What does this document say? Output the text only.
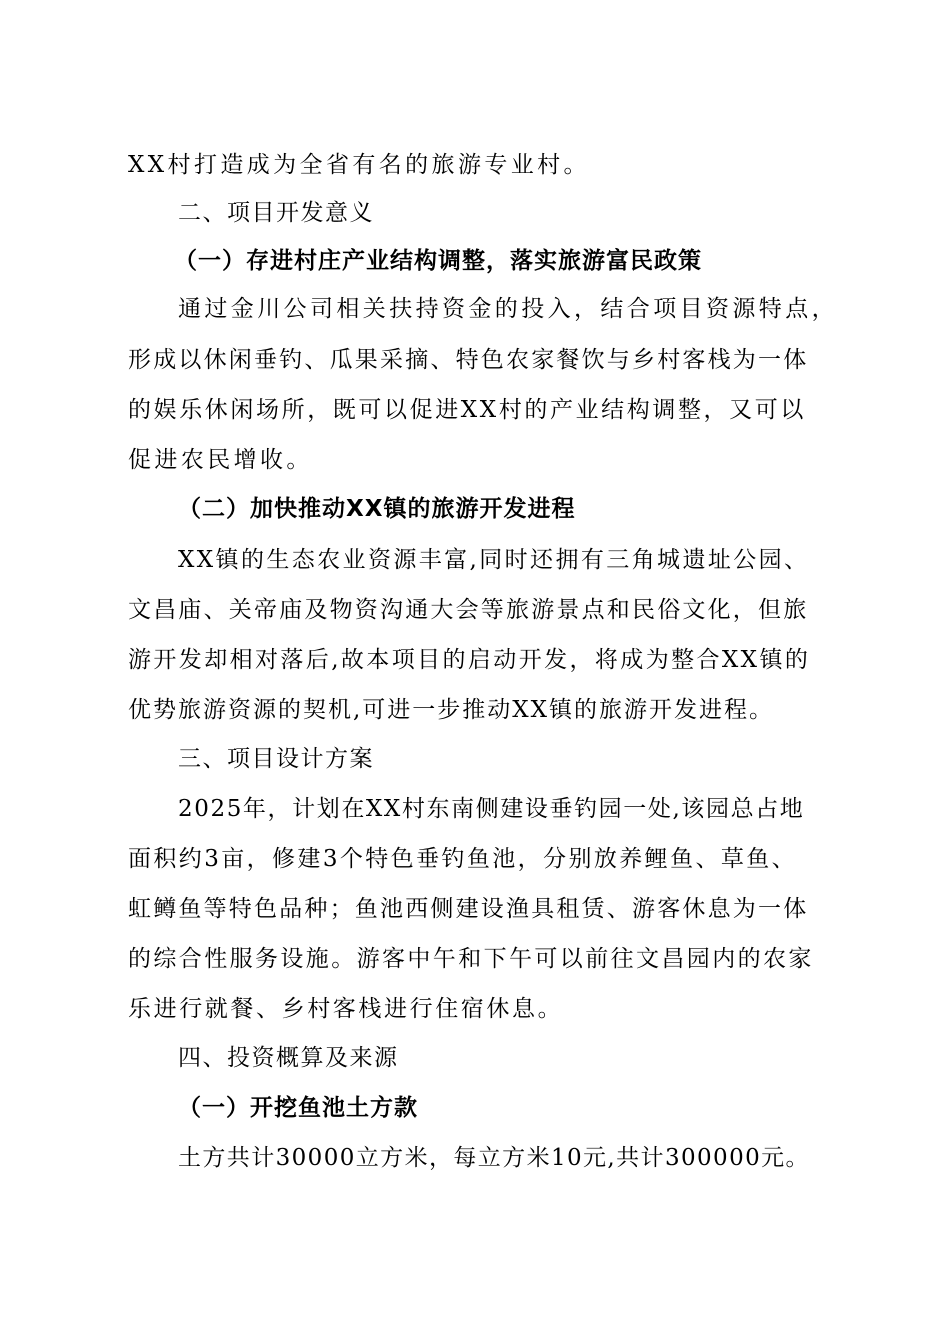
XX村打造成为全省有名的旅游专业村。
二、项目开发意义
（一）存进村庄产业结构调整，落实旅游富民政策
通过金川公司相关扶持资金的投入，结合项目资源特点，
形成以休闲垂钓、瓜果采摘、特色农家餐饮与乡村客栈为一体
的娱乐休闲场所，既可以促进XX村的产业结构调整，又可以
促进农民增收。
（二）加快推动XX镇的旅游开发进程
XX镇的生态农业资源丰富,同时还拥有三角城遗址公园、
文昌庙、关帝庙及物资沟通大会等旅游景点和民俗文化，但旅
游开发却相对落后,故本项目的启动开发，将成为整合XX镇的
优势旅游资源的契机,可进一步推动XX镇的旅游开发进程。
三、项目设计方案
2025年，计划在XX村东南侧建设垂钓园一处,该园总占地
面积约3亩，修建3个特色垂钓鱼池，分别放养鲤鱼、草鱼、
虹鳟鱼等特色品种；鱼池西侧建设渔具租赁、游客休息为一体
的综合性服务设施。游客中午和下午可以前往文昌园内的农家
乐进行就餐、乡村客栈进行住宿休息。
四、投资概算及来源
（一）开挖鱼池土方款
土方共计30000立方米，每立方米10元,共计300000元。
